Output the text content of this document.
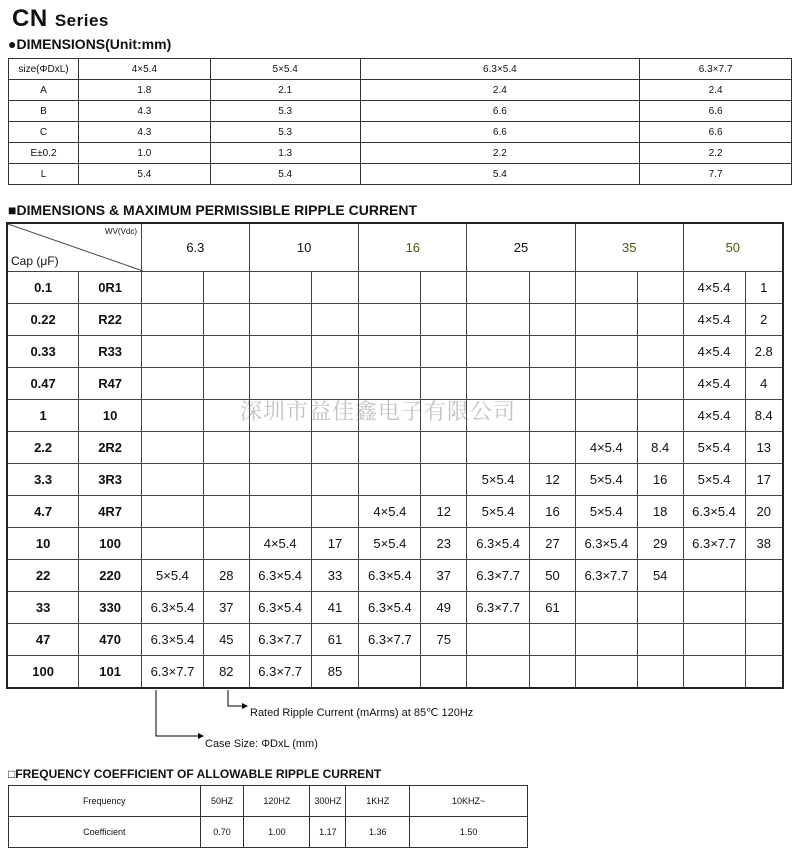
CN Series
●DIMENSIONS(Unit:mm)
size(ΦDxL)	4×5.4	5×5.4	6.3×5.4	6.3×7.7
A	1.8	2.1	2.4	2.4
B	4.3	5.3	6.6	6.6
C	4.3	5.3	6.6	6.6
E±0.2	1.0	1.3	2.2	2.2
L	5.4	5.4	5.4	7.7
■DIMENSIONS & MAXIMUM PERMISSIBLE RIPPLE CURRENT
WV(Vdc)
Cap (μF)		6.3		10		16		25		35		50	
0.1	0R1											4×5.4	1
0.22	R22											4×5.4	2
0.33	R33											4×5.4	2.8
0.47	R47											4×5.4	4
1	10											4×5.4	8.4
2.2	2R2									4×5.4	8.4	5×5.4	13
3.3	3R3							5×5.4	12	5×5.4	16	5×5.4	17
4.7	4R7					4×5.4	12	5×5.4	16	5×5.4	18	6.3×5.4	20
10	100			4×5.4	17	5×5.4	23	6.3×5.4	27	6.3×5.4	29	6.3×7.7	38
22	220	5×5.4	28	6.3×5.4	33	6.3×5.4	37	6.3×7.7	50	6.3×7.7	54		
33	330	6.3×5.4	37	6.3×5.4	41	6.3×5.4	49	6.3×7.7	61				
47	470	6.3×5.4	45	6.3×7.7	61	6.3×7.7	75						
100	101	6.3×7.7	82	6.3×7.7	85								
深圳市益佳鑫电子有限公司
Rated Ripple Current (mArms) at 85℃ 120Hz
Case Size: ΦDxL (mm)
□FREQUENCY COEFFICIENT OF ALLOWABLE RIPPLE CURRENT
Frequency	50HZ	120HZ	300HZ	1KHZ	10KHZ~
Coefficient	0.70	1.00	1.17	1.36	1.50
